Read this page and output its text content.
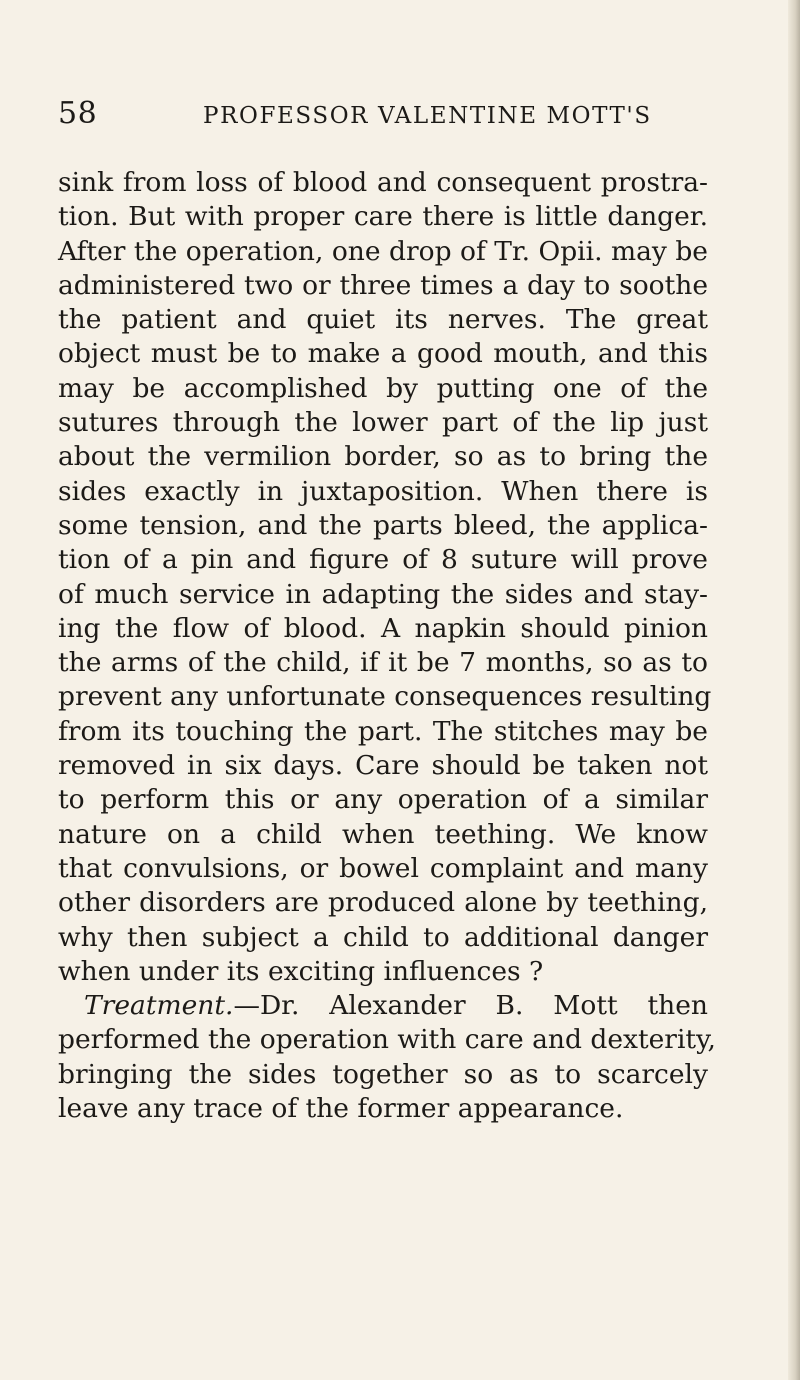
58	PROFESSOR VALENTINE MOTT'S
sink from loss of blood and consequent prostra-
tion. But with proper care there is little danger.
After the operation, one drop of Tr. Opii. may be
administered two or three times a day to soothe
the patient and quiet its nerves. The great
object must be to make a good mouth, and this
may be accomplished by putting one of the
sutures through the lower part of the lip just
about the vermilion border, so as to bring the
sides exactly in juxtaposition. When there is
some tension, and the parts bleed, the applica-
tion of a pin and figure of 8 suture will prove
of much service in adapting the sides and stay-
ing the flow of blood. A napkin should pinion
the arms of the child, if it be 7 months, so as to
prevent any unfortunate consequences resulting
from its touching the part. The stitches may be
removed in six days. Care should be taken not
to perform this or any operation of a similar
nature on a child when teething. We know
that convulsions, or bowel complaint and many
other disorders are produced alone by teething,
why then subject a child to additional danger
when under its exciting influences ?
Treatment.—Dr. Alexander B. Mott then
performed the operation with care and dexterity,
bringing the sides together so as to scarcely
leave any trace of the former appearance.
